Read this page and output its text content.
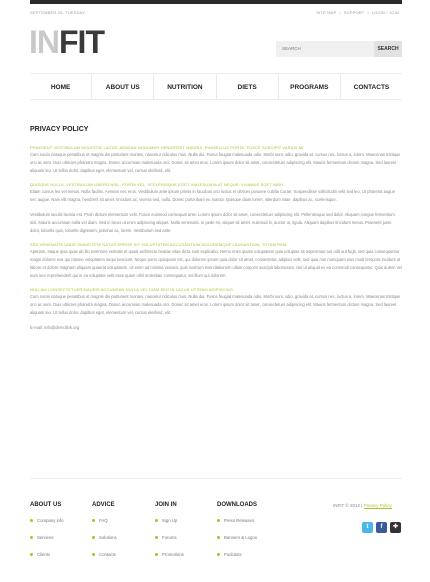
SEPTEMBER 25, TUESDAY	SITE MAP | SUPPORT | LOGIN / JOIN
INFIT
SEARCH	SEARCH
HOME	ABOUT US	NUTRITION	DIETS	PROGRAMS	CONTACTS
PRIVACY POLICY
PRAESENT VESTIBULUM MOLESTIE LACUS. AENEAN NONUMMY HENDRERIT MAURIS. PHASELLUS PORTA. FUSCE SUSCIPIT VARIUS MI.
Cum sociis natoque penatibus et magnis dis parturient montes, nascetur ridiculus mus. Nulla dui. Fusce feugiat malesuada odio. Morbi nunc odio, gravida at, cursus nec, luctus a, lorem. Maecenas tristique orci ac sem. Duis ultricies pharetra magna. Donec accumsan malesuada orci. Donec sit amet eros. Lorem ipsum dolor sit amet, consectetuer adipiscing elit. Mauris fermentum dictum magna. Sed laoreet aliquam leo. Ut tellus dolor, dapibus eget, elementum vel, cursus eleifend, elit.
QUISQUE NULLA. VESTIBULUM LIBERO NISL, PORTA VEL, SCELERISQUE EGET, MALESUADA AT NEQUE. VIVAMUS EGET NIBH.
Etiam cursus leo vel metus. Nulla facilisi. Aenean nec eros. Vestibulum ante ipsum primis in faucibus orci luctus et ultrices posuere cubilia Curae; Suspendisse sollicitudin velit sed leo. Ut pharetra augue nec augue. Nam elit magna, hendrerit sit amet, tincidunt ac, viverra sed, nulla. Donec porta diam eu massa. Quisque diam lorem, interdum vitae, dapibus ac, scelerisque.
Vestibulum iaculis lacinia est. Proin dictum elementum velit. Fusce euismod consequat ante. Lorem ipsum dolor sit amet, consectetuer adipiscing elit. Pellentesque sed dolor. Aliquam congue fermentum nisl. Mauris accumsan nulla vel diam. Sed in lacus ut enim adipiscing aliquet. Nulla venenatis. In pede mi, aliquet sit amet, euismod in, auctor ut, ligula. Aliquam dapibus tincidunt metus. Praesent justo dolor, lobortis quis, lobortis dignissim, pulvinar ac, lorem. Vestibulum sed ante.
SED VENENATIS UNDE OMNIS ISTE NATUS ERROR SIT VOLUPTATEM ACCUSANTIUM DOLOREMQUE LAUDANTIUM, TOTAM REM.
Aperiam, eaque ipsa quae ab illo inventore veritatis et quasi architecto beatae vitae dicta sunt explicabo. Nemo enim ipsam voluptatem quia voluptas sit aspernatur aut odit aut fugit, sed quia consequuntur magni dolores eos qui ratione voluptatem sequi nesciunt. Neque porro quisquam est, qui dolorem ipsum quia dolor sit amet, consectetur, adipisci velit, sed quia non numquam eius modi tempora incidunt ut labore et dolore magnam aliquam quaerat voluptatem. Ut enim ad minima veniam, quis nostrum exercitationem ullam corporis suscipit laboriosam, nisi ut aliquid ex ea commodi consequatur. Quis autem vel eum iure reprehenderit qui in ea voluptate velit esse quam nihil molestiae consequatur, vel illum qui dolorem.
NULLAM CONSECTETUER MAURIS ACCUMSAN NULLA VEL DIAM SED IN LACUS UT ENIM ADIPISCING.
Cum sociis natoque penatibus et magnis dis parturient montes, nascetur ridiculus mus. Nulla dui. Fusce feugiat malesuada odio. Morbi nunc odio, gravida at, cursus nec, luctus a, lorem. Maecenas tristique orci ac sem. Duis ultricies pharetra magna. Donec accumsan malesuada orci. Donec sit amet eros. Lorem ipsum dolor sit amet, consectetuer adipiscing elit. Mauris fermentum dictum magna. Sed laoreet aliquam leo. Ut tellus dolor, dapibus eget, elementum vel, cursus eleifend, elit.
E-mail: info@demolink.org
ABOUT US
Company info
Services
Clients
ADVICE
FAQ
Solutions
Contacts
JOIN IN
Sign Up
Forums
Promotions
DOWNLOADS
Press Releases
Banners & Logos
Podcasts
INFIT © 2012 | Privacy Policy
t	f	✚
